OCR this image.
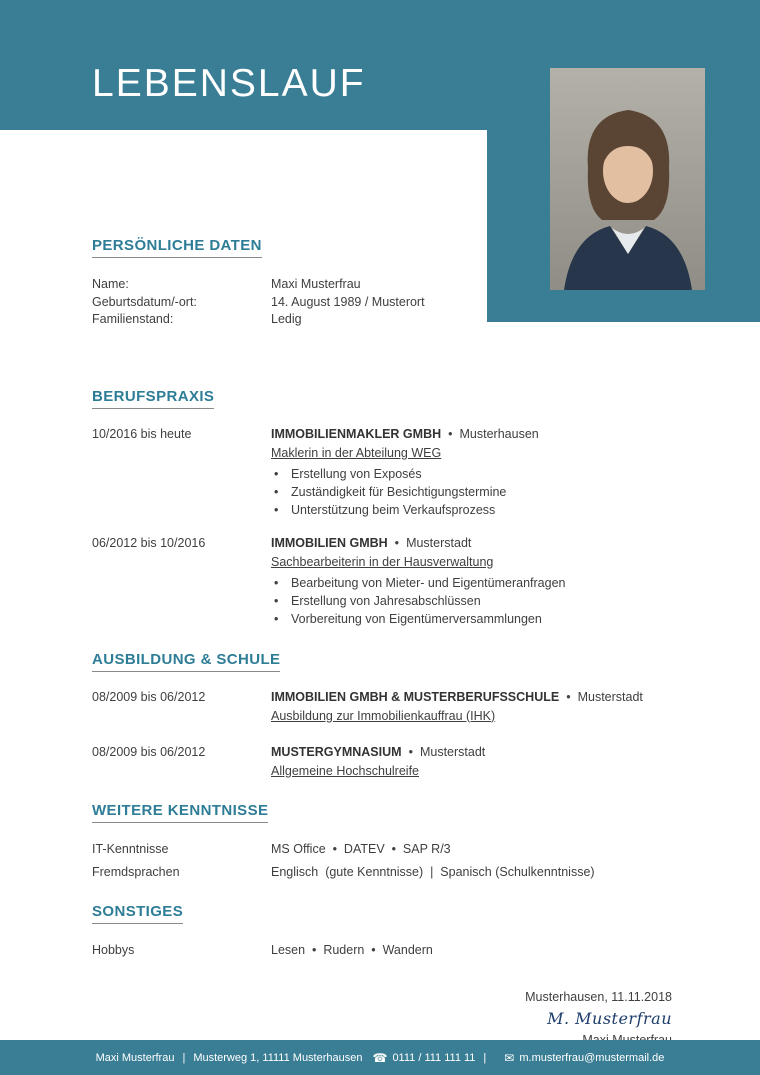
LEBENSLAUF
PERSÖNLICHE DATEN
Name:	Maxi Musterfrau
Geburtsdatum/-ort:	14. August 1989 / Musterort
Familienstand:	Ledig
BERUFSPRAXIS
10/2016 bis heute	IMMOBILIENMAKLER GMBH • Musterhausen
Maklerin in der Abteilung WEG
• Erstellung von Exposés
• Zuständigkeit für Besichtigungstermine
• Unterstützung beim Verkaufsprozess
06/2012 bis 10/2016	IMMOBILIEN GMBH • Musterstadt
Sachbearbeiterin in der Hausverwaltung
• Bearbeitung von Mieter- und Eigentümeranfragen
• Erstellung von Jahresabschlüssen
• Vorbereitung von Eigentümerversammlungen
AUSBILDUNG & SCHULE
08/2009 bis 06/2012	IMMOBILIEN GMBH & MUSTERBERUFSSCHULE • Musterstadt
Ausbildung zur Immobilienkauffrau (IHK)
08/2009 bis 06/2012	MUSTERGYMNASIUM • Musterstadt
Allgemeine Hochschulreife
WEITERE KENNTNISSE
IT-Kenntnisse	MS Office  •  DATEV  •  SAP R/3
Fremdsprachen	Englisch  (gute Kenntnisse)  |  Spanisch (Schulkenntnisse)
SONSTIGES
Hobbys	Lesen  •  Rudern  •  Wandern
Musterhausen, 11.11.2018
M. Musterfrau
Maxi Musterfrau | Musterweg 1, 11111 Musterhausen ☎ 0111 / 111 111 11 | ✉ m.musterfrau@mustermail.de
